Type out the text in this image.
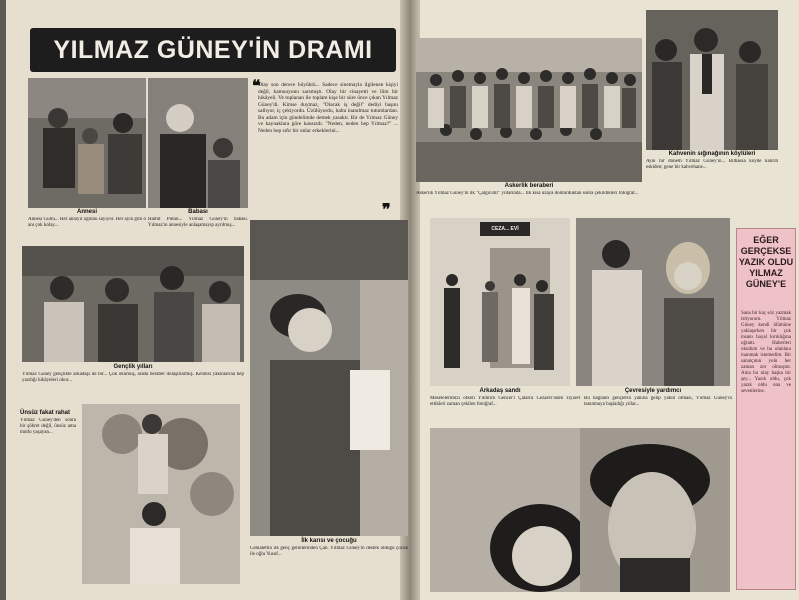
YILMAZ GÜNEY'İN DRAMI
Annesi
Annesi Güllü... Her anlayıl oğlunu sayıyor. Her ayın gibi o anı çok kolay...
Babası
Hamit Pütün... Yılmaz Güney'in babası. Yılmaz'ın annesiyle anlaşamayıp ayrılmış...
❝
Olay son derece büyüktü... Sadece sinemayla ilgilenen kişiyi değil, kamuoyunu sarsmıştı. Olay bir cinayetti ve ilim bir hikâyeli. Ve toplanan ile toplam kişe bir süre önce çıkan Yılmaz Güney'di. Kimse duymaz, "Olacak iş değil" dediyi başını sallıyor, iç çekiyordu. Üzülüyordu, halta inanılmaz tutumlardan. Bu adam için gündelimde demek yasaktı. Bir de Yılmaz Güney ve kaynaklara göre kansızdı. "Neden, neden hep Yılmaz?" ... Neden hep sıfır bir onlar erkeklerini...
❞
Gençlik yılları
Yılmaz Güney gençlikte arkadaşı ile bir... Çok okumuş, arada beraber dolaşırlarmış. Kendisi yakınlarına hep yazdığı hikâyeleri okur...
Ünsüz fakat rahat
Yılmaz Güney'den sonra bir şöhret değil, ünsüz ama mutlu yaşayan...
İlk karısı ve çocuğu
Cemalettin ilk genç gelinlerinden Çan. Yılmaz Güney'in destek olduğu çocuk ile oğlu Yusuf...
Askerlik beraberi
Askerlik Yılmaz Güney'in ilk "Çalgıcıdır" yıllarında... İlk kısa uzaya doldurduktan sonra çekildikleri fotoğraf...
Kahvenin sığınağının köylüleri
Aynı bir dönem Yılmaz Güney'in... Bilhassa köyde kalırdı eskiden; gene bir kahvehane...
CEZA... EVİ
Arkadaş sandı
Meselelerimizi öfkeli Yıldırım Gencer'i Çatalca Cezaevi'nden ziyaret ettikleri zaman çekilen fotoğraf...
Çevresiyle yardımcı
Bu bağlantı gençlerin yanına gelip yakın olması, Yılmaz Güney'in tanınmaya başladığı yıllar...
EĞER GERÇEKSE YAZIK OLDU YILMAZ GÜNEY'E
Sana bir kaç söz yazmak istiyorum. Yılmaz Güney kendi ölümüne yaklaşırken bir çok insanı hayal kırıklığına uğrattı. Haberleri okudum ve bu olanlara inanmak istemedim. Bir sanatçının yolu her zaman zor olmuştur. Ama bu olay başka bir şey... Yazık oldu, çok yazık oldu ona ve sevenlerine.
